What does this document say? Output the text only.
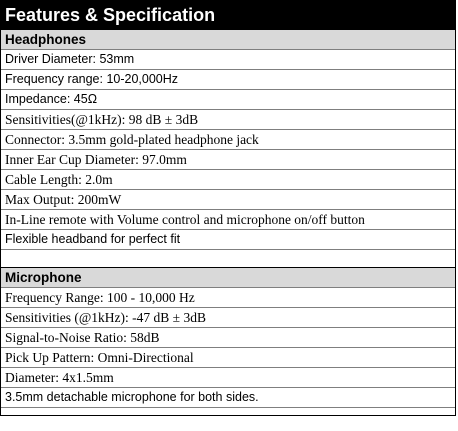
Features & Specification
Headphones
Driver Diameter: 53mm
Frequency range: 10-20,000Hz
Impedance: 45Ω
Sensitivities(@1kHz): 98 dB ± 3dB
Connector: 3.5mm gold-plated headphone jack
Inner Ear Cup Diameter: 97.0mm
Cable Length: 2.0m
Max Output: 200mW
In-Line remote with Volume control and microphone on/off button
Flexible headband for perfect fit
Microphone
Frequency Range: 100 - 10,000 Hz
Sensitivities (@1kHz): -47 dB ± 3dB
Signal-to-Noise Ratio: 58dB
Pick Up Pattern: Omni-Directional
Diameter: 4x1.5mm
3.5mm detachable microphone for both sides.
